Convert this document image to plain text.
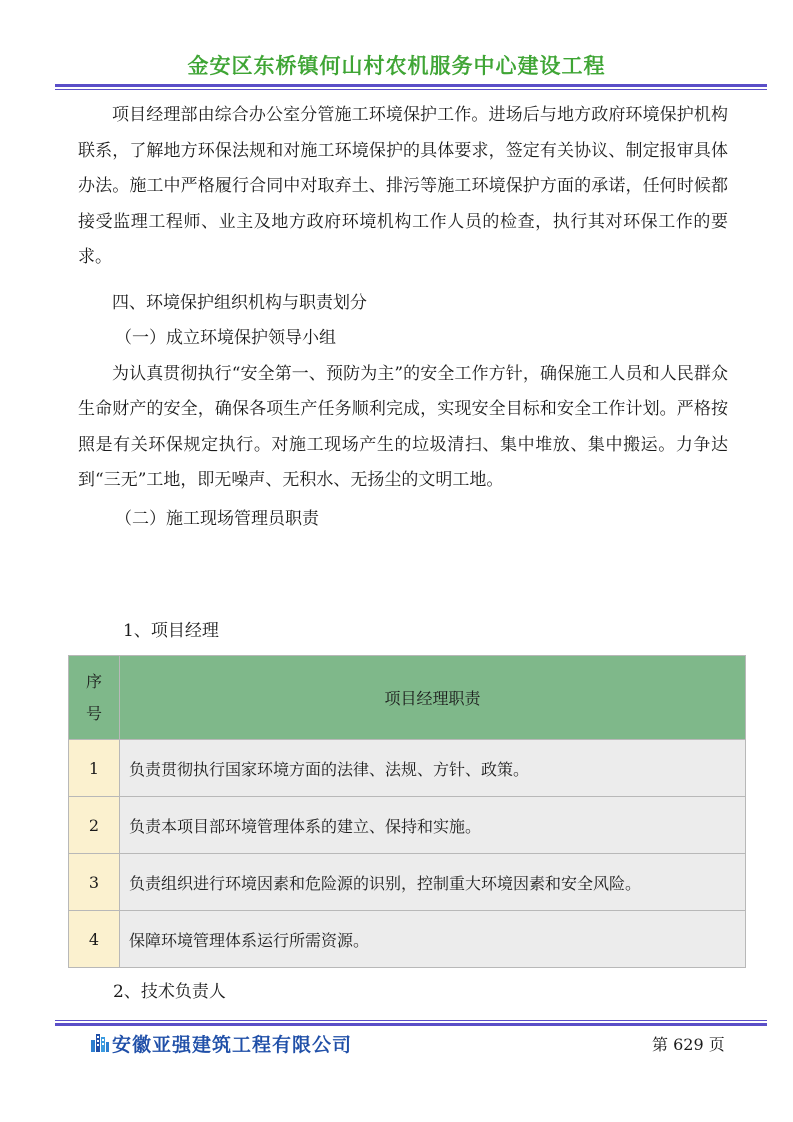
金安区东桥镇何山村农机服务中心建设工程

项目经理部由综合办公室分管施工环境保护工作。进场后与地方政府环境保护机构联系，了解地方环保法规和对施工环境保护的具体要求，签定有关协议、制定报审具体办法。施工中严格履行合同中对取弃土、排污等施工环境保护方面的承诺，任何时候都接受监理工程师、业主及地方政府环境机构工作人员的检查，执行其对环保工作的要求。

四、环境保护组织机构与职责划分

（一）成立环境保护领导小组

为认真贯彻执行“安全第一、预防为主”的安全工作方针，确保施工人员和人民群众生命财产的安全，确保各项生产任务顺利完成，实现安全目标和安全工作计划。严格按照是有关环保规定执行。对施工现场产生的垃圾清扫、集中堆放、集中搬运。力争达到“三无”工地，即无噪声、无积水、无扬尘的文明工地。

（二）施工现场管理员职责

1、项目经理
序
号	项目经理职责
1	负责贯彻执行国家环境方面的法律、法规、方针、政策。
2	负责本项目部环境管理体系的建立、保持和实施。
3	负责组织进行环境因素和危险源的识别，控制重大环境因素和安全风险。
4	保障环境管理体系运行所需资源。
2、技术负责人
安徽亚强建筑工程有限公司	第 629 页
